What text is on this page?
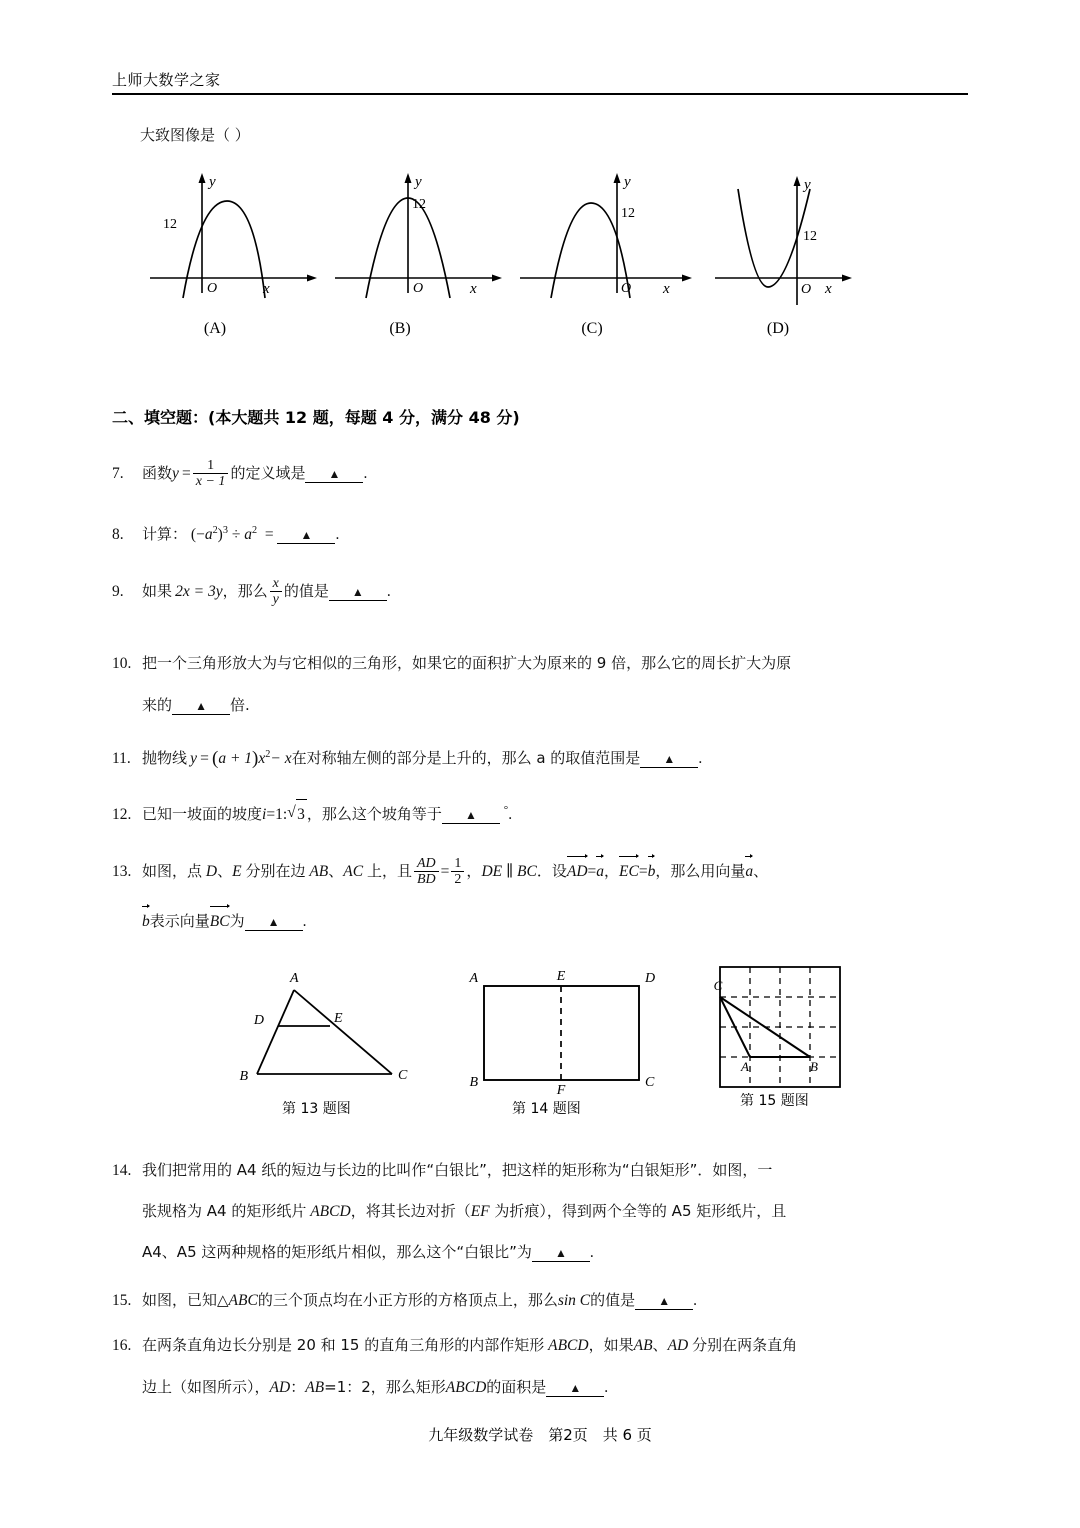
上师大数学之家
大致图像是（ ）
y
x
O
12
(A)
y
x
O
12
(B)
y
x
O
12
(C)
y
x
O
12
(D)
二、填空题：(本大题共 12 题，每题 4 分，满分 48 分)
7. 函数$y = \frac{1}{x - 1}$ 的定义域是 ▲ .
8. 计算： $(-a^2)^3 \div a^2$ = ▲ .
9. 如果  2x = 3y，那么 $\frac{x}{y}$ 的值是 ▲ .
10. 把一个三角形放大为与它相似的三角形，如果它的面积扩大为原来的 9 倍，那么它的周长扩大为原
来的 ▲ 倍.
11. 抛物线  $y = (a + 1)x^2- x$在对称轴左侧的部分是上升的，那么 a 的取值范围是 ▲ .
12. 已知一坡面的坡度i=1: √ 3 ，那么这个坡角等于 ▲ °.
13. 如图，点 D、E 分别在边 AB、AC 上，且 $\frac{AD}{BD} = \frac{1}{2}$ ，DE ∥ BC．设AD=a，EC=b，那么用向量a、
b表示向量BC为 ▲ .
A
D	E
B	C
第 13 题图
A	E	D
B
F
C
第 14 题图
C
A	B
第 15 题图
14. 我们把常用的 A4 纸的短边与长边的比叫作“白银比”，把这样的矩形称为“白银矩形”．如图，一
张规格为 A4 的矩形纸片 ABCD，将其长边对折（EF 为折痕），得到两个全等的 A5 矩形纸片，且
A4、A5 这两种规格的矩形纸片相似，那么这个“白银比”为 ▲ .
15. 如图，已知△ABC的三个顶点均在小正方形的方格顶点上，那么sin C的值是 ▲ .
16. 在两条直角边长分别是 20 和 15 的直角三角形的内部作矩形 ABCD，如果AB、AD 分别在两条直角
边上（如图所示），AD：AB=1：2，那么矩形ABCD的面积是 ▲ .
九年级数学试卷　第2页　共 6 页
